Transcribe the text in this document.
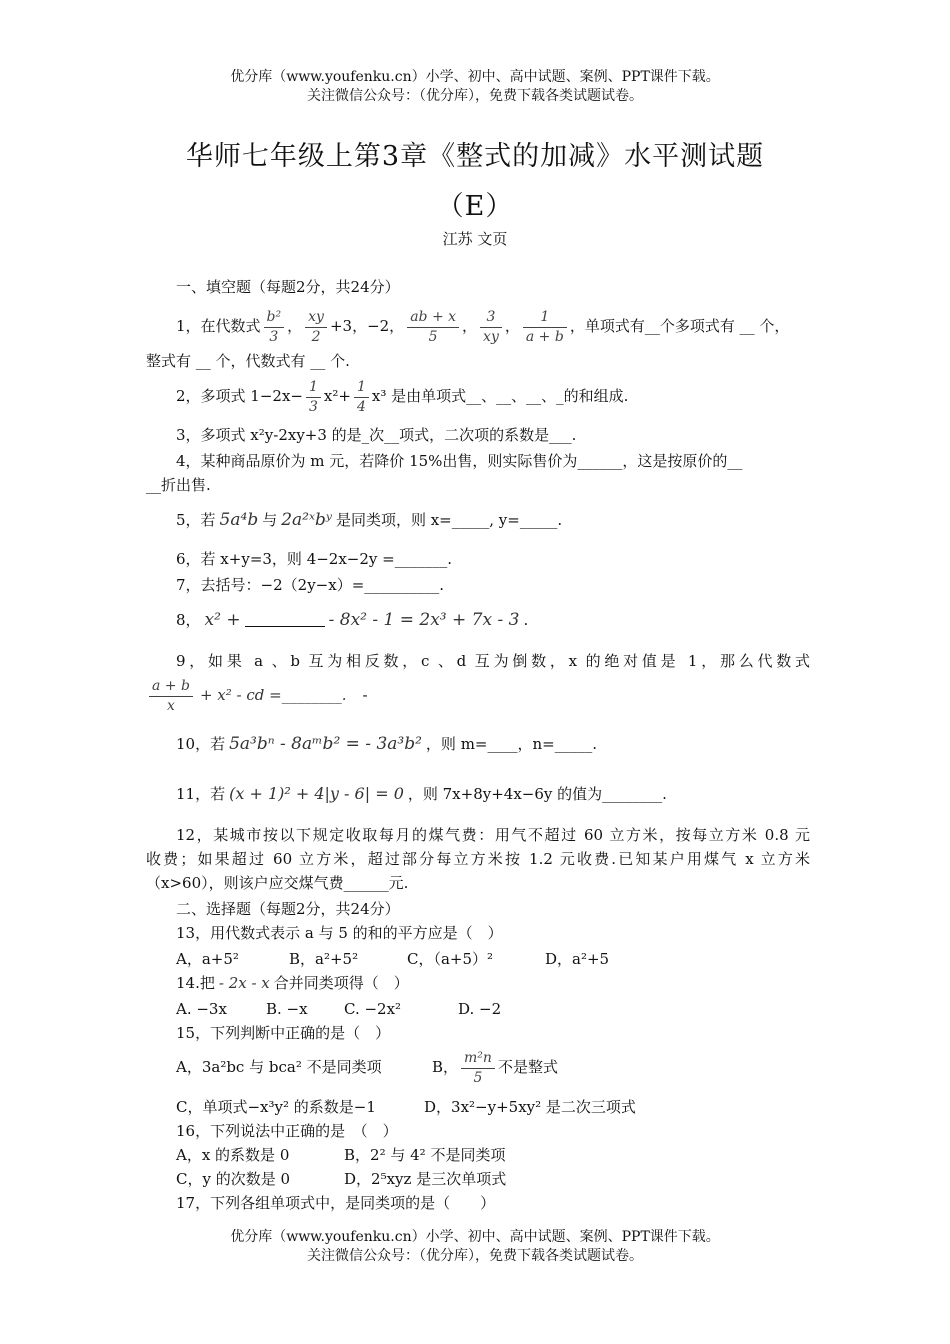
优分库（www.youfenku.cn）小学、初中、高中试题、案例、PPT课件下载。
关注微信公众号：（优分库），免费下载各类试题试卷。
华师七年级上第3章《整式的加减》水平测试题
（E）
江苏 文页
一、填空题（每题2分，共24分）
1，在代数式 $\frac{\text{b²}}{3}$ ， $\frac{xy}{2} +3$，−2， $\frac{ab + x}{5}$ ， $\frac{3}{xy}$ ， $\frac{1}{a + b}$ ，单项式有__个多项式有 __ 个，
整式有 __ 个，代数式有 __ 个.
2，多项式 $1-2x- \frac{1}{3} x^2+ \frac{1}{4} x^3$ 是由单项式__、__、__、_的和组成.
3，多项式 x²y-2xy+3 的是_次__项式，二次项的系数是___.
4，某种商品原价为 m 元，若降价 15%出售，则实际售价为______，这是按原价的__
__折出售.
5，若 5a⁴b 与 2a²ˣbʸ 是同类项，则 x=_____, y=_____.
6，若 x+y=3，则 4−2x−2y =_______.
7，去括号：−2（2y−x）=__________.
8， x² +	- 8x² - 1 = 2x³ + 7x - 3 .
9，如果 a 、b 互为相反数，c 、d 互为倒数，x 的绝对值是 1，那么代数式
$\frac{a + b}{x} + x^2$ - cd =________. -
10，若 5a³bⁿ - 8aᵐb² = - 3a³b² ，则 m=____，n=_____.
11，若 (x + 1)² + 4|y - 6| = 0 ，则 7x+8y+4x−6y 的值为________.
12，某城市按以下规定收取每月的煤气费：用气不超过 60 立方米，按每立方米 0.8 元
收费；如果超过 60 立方米，超过部分每立方米按 1.2 元收费.已知某户用煤气 x 立方米
（x>60），则该户应交煤气费______元.
二、选择题（每题2分，共24分）
13，用代数式表示 a 与 5 的和的平方应是（　）
A，a+5²	B，a²+5²	C，（a+5）²	D，a²+5
14.把 - 2x - x 合并同类项得（　）
A. −3x	B. −x C. −2x²	D. −2
15，下列判断中正确的是（　）
A，3a²bc 与 bca² 不是同类项	B， $\frac{\text{m²n}}{5}$ 不是整式
C，单项式−x³y² 的系数是−1	D，3x²−y+5xy² 是二次三项式
16，下列说法中正确的是　（　）
A，x 的系数是 0	B，2² 与 4² 不是同类项
C，y 的次数是 0	D，2⁵xyz 是三次单项式
17，下列各组单项式中，是同类项的是（　　）
优分库（www.youfenku.cn）小学、初中、高中试题、案例、PPT课件下载。
关注微信公众号：（优分库），免费下载各类试题试卷。
